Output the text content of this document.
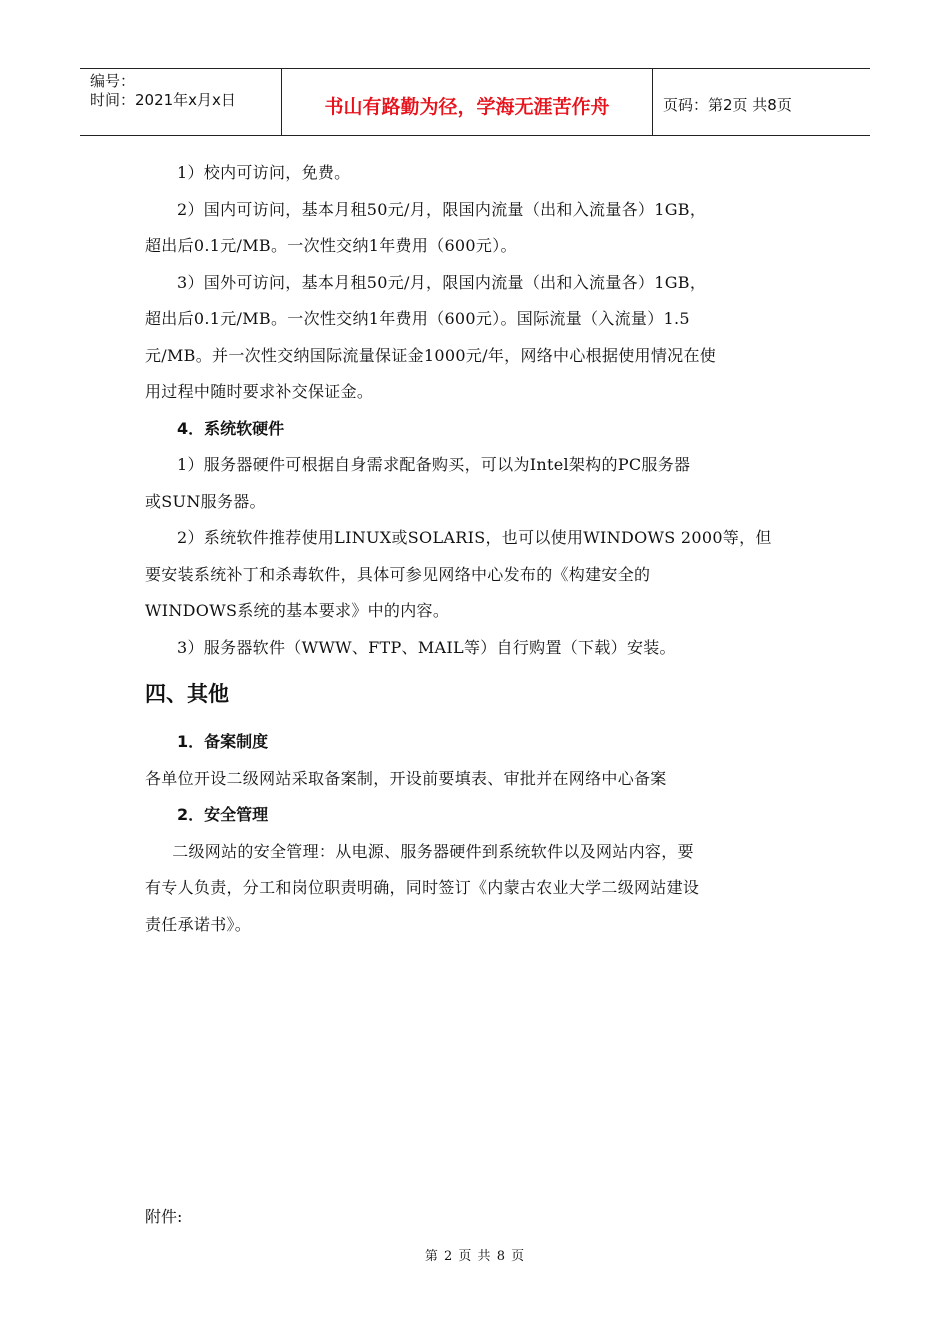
编号：
时间：2021年x月x日	书山有路勤为径，学海无涯苦作舟	页码：第2页 共8页

1）校内可访问，免费。

2）国内可访问，基本月租50元/月，限国内流量（出和入流量各）1GB，

超出后0.1元/MB。一次性交纳1年费用（600元）。

3）国外可访问，基本月租50元/月，限国内流量（出和入流量各）1GB，

超出后0.1元/MB。一次性交纳1年费用（600元）。国际流量（入流量）1.5

元/MB。并一次性交纳国际流量保证金1000元/年，网络中心根据使用情况在使

用过程中随时要求补交保证金。

4．系统软硬件

1）服务器硬件可根据自身需求配备购买，可以为Intel架构的PC服务器

或SUN服务器。

2）系统软件推荐使用LINUX或SOLARIS，也可以使用WINDOWS 2000等，但

要安装系统补丁和杀毒软件，具体可参见网络中心发布的《构建安全的

WINDOWS系统的基本要求》中的内容。

3）服务器软件（WWW、FTP、MAIL等）自行购置（下载）安装。

四、其他

1．备案制度

各单位开设二级网站采取备案制，开设前要填表、审批并在网络中心备案

2．安全管理

二级网站的安全管理：从电源、服务器硬件到系统软件以及网站内容，要

有专人负责，分工和岗位职责明确，同时签订《内蒙古农业大学二级网站建设

责任承诺书》。

附件:
第 2 页 共 8 页
